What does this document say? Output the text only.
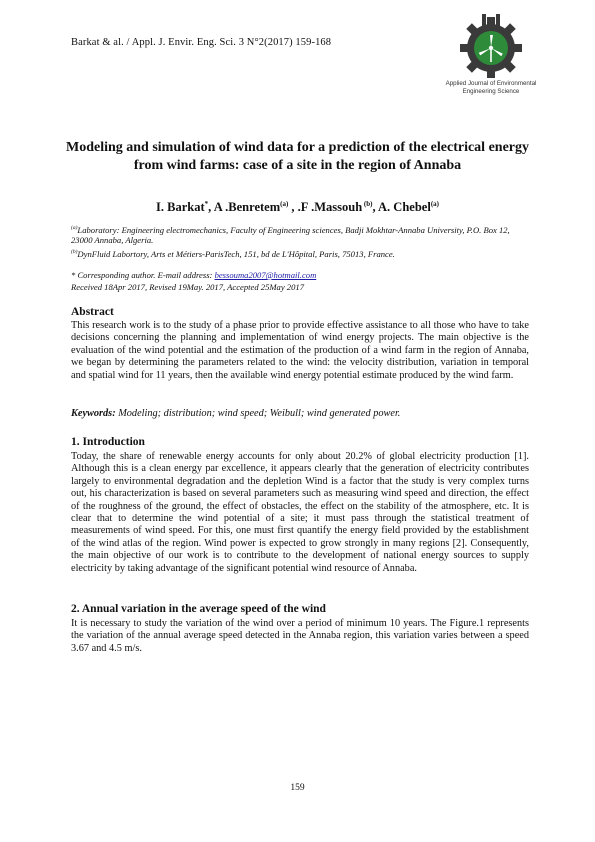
Barkat & al. / Appl. J. Envir. Eng. Sci. 3 N°2(2017) 159-168
Applied Journal of Environmental
Engineering Science
Modeling and simulation of wind data for a prediction of the electrical energy from wind farms: case of a site in the region of Annaba
I. Barkat*, A .Benretem$^{(a)}$ , .F .Massouh $^{(b)}$, A. Chebel$^{(a)}$
$^{(a)}$Laboratory: Engineering electromechanics, Faculty of Engineering sciences, Badji Mokhtar-Annaba University, P.O. Box 12, 23000 Annaba, Algeria.
$^{(b)}$DynFluid Labortory, Arts et Métiers-ParisTech, 151, bd de L'Hôpital, Paris, 75013, France.
* Corresponding author. E-mail address: bessouma2007@hotmail.com
Received 18Apr 2017, Revised 19May. 2017, Accepted 25May 2017
Abstract
This research work is to the study of a phase prior to provide effective assistance to all those who have to take decisions concerning the planning and implementation of wind energy projects. The main objective is the evaluation of the wind potential and the estimation of the production of a wind farm in the region of Annaba, we began by determining the parameters related to the wind: the velocity distribution, variation in temporal and spatial wind for 11 years, then the available wind energy potential estimate produced by the wind farm.
Keywords: Modeling; distribution; wind speed; Weibull; wind generated power.
1. Introduction
Today, the share of renewable energy accounts for only about 20.2% of global electricity production [1]. Although this is a clean energy par excellence, it appears clearly that the generation of electricity contributes largely to environmental degradation and the depletion Wind is a factor that the study is very complex turns out, his characterization is based on several parameters such as measuring wind speed and direction, the effect of the roughness of the ground, the effect of obstacles, the effect on the stability of the atmosphere, etc. It is clear that to determine the wind potential of a site; it must pass through the statistical treatment of measurements of wind speed. For this, one must first quantify the energy field provided by the establishment of the wind atlas of the region. Wind power is expected to grow strongly in many regions [2]. Consequently, the main objective of our work is to contribute to the development of national energy sources to supply electricity by taking advantage of the significant potential wind resource of Annaba.
2. Annual variation in the average speed of the wind
It is necessary to study the variation of the wind over a period of minimum 10 years. The Figure.1 represents the variation of the annual average speed detected in the Annaba region, this variation varies between a speed 3.67 and 4.5 m/s.
159
